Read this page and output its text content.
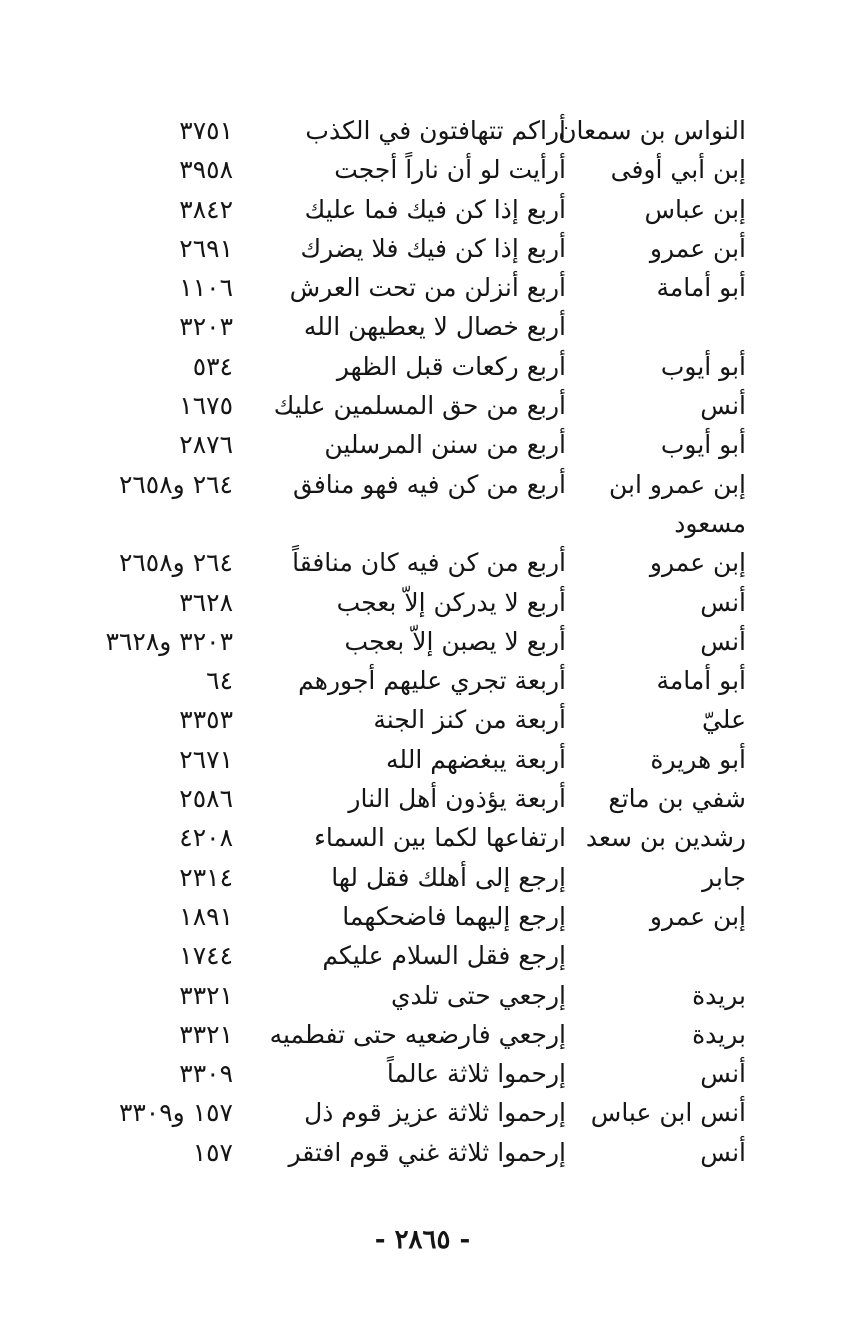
النواس بن سمعان
أراكم تتهافتون في الكذب
٣٧٥١
إبن أبي أوفى
أرأيت لو أن ناراً أججت
٣٩٥٨
إبن عباس
أربع إذا كن فيك فما عليك
٣٨٤٢
أبن عمرو
أربع إذا كن فيك فلا يضرك
٢٦٩١
أبو أمامة
أربع أنزلن من تحت العرش
١١٠٦
أربع خصال لا يعطيهن الله
٣٢٠٣
أبو أيوب
أربع ركعات قبل الظهر
٥٣٤
أنس
أربع من حق المسلمين عليك
١٦٧٥
أبو أيوب
أربع من سنن المرسلين
٢٨٧٦
إبن عمرو ابن
أربع من كن فيه فهو منافق
٢٦٤ و٢٦٥٨
مسعود
إبن عمرو
أربع من كن فيه كان منافقاً
٢٦٤ و٢٦٥٨
أنس
أربع لا يدركن إلاّ بعجب
٣٦٢٨
أنس
أربع لا يصبن إلاّ بعجب
٣٢٠٣ و٣٦٢٨
أبو أمامة
أربعة تجري عليهم أجورهم
٦٤
عليّ
أربعة من كنز الجنة
٣٣٥٣
أبو هريرة
أربعة يبغضهم الله
٢٦٧١
شفي بن ماتع
أربعة يؤذون أهل النار
٢٥٨٦
رشدين بن سعد
ارتفاعها لكما بين السماء
٤٢٠٨
جابر
إرجع إلى أهلك فقل لها
٢٣١٤
إبن عمرو
إرجع إليهما فاضحكهما
١٨٩١
إرجع فقل السلام عليكم
١٧٤٤
بريدة
إرجعي حتى تلدي
٣٣٢١
بريدة
إرجعي فارضعيه حتى تفطميه
٣٣٢١
أنس
إرحموا ثلاثة عالماً
٣٣٠٩
أنس ابن عباس
إرحموا ثلاثة عزيز قوم ذل
١٥٧ و٣٣٠٩
أنس
إرحموا ثلاثة غني قوم افتقر
١٥٧
- ٢٨٦٥ -
